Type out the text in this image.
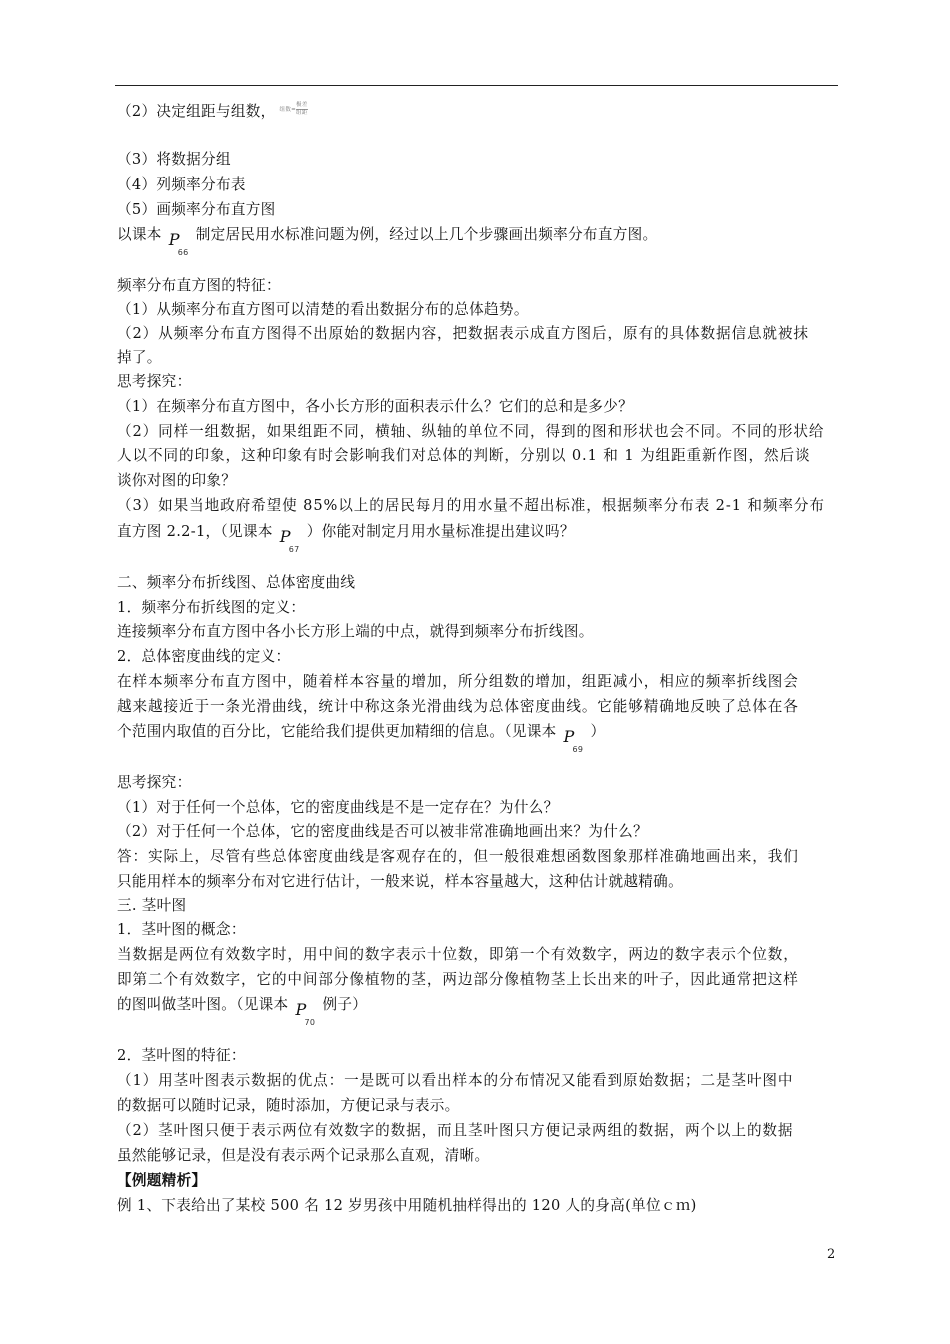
（2）决定组距与组数， 组数= $\frac{\text{极差}}{\text{组距}}$
（3）将数据分组
（4）列频率分布表
（5）画频率分布直方图
以课本 P
66
制定居民用水标准问题为例，经过以上几个步骤画出频率分布直方图。
频率分布直方图的特征：
（1）从频率分布直方图可以清楚的看出数据分布的总体趋势。
（2）从频率分布直方图得不出原始的数据内容，把数据表示成直方图后，原有的具体数据信息就被抹
掉了。
思考探究：
（1）在频率分布直方图中，各小长方形的面积表示什么？它们的总和是多少？
（2）同样一组数据，如果组距不同，横轴、纵轴的单位不同，得到的图和形状也会不同。不同的形状给
人以不同的印象，这种印象有时会影响我们对总体的判断，分别以 0.1 和 1 为组距重新作图，然后谈
谈你对图的印象？
（3）如果当地政府希望使 85%以上的居民每月的用水量不超出标准，根据频率分布表 2-1 和频率分布
直方图 2.2-1，（见课本 P
67
）你能对制定月用水量标准提出建议吗？
二、频率分布折线图、总体密度曲线
1．频率分布折线图的定义：
连接频率分布直方图中各小长方形上端的中点，就得到频率分布折线图。
2．总体密度曲线的定义：
在样本频率分布直方图中，随着样本容量的增加，所分组数的增加，组距减小，相应的频率折线图会
越来越接近于一条光滑曲线，统计中称这条光滑曲线为总体密度曲线。它能够精确地反映了总体在各
个范围内取值的百分比，它能给我们提供更加精细的信息。（见课本 P
69
）
思考探究：
（1）对于任何一个总体，它的密度曲线是不是一定存在？为什么？
（2）对于任何一个总体，它的密度曲线是否可以被非常准确地画出来？为什么？
答：实际上，尽管有些总体密度曲线是客观存在的，但一般很难想函数图象那样准确地画出来，我们
只能用样本的频率分布对它进行估计，一般来说，样本容量越大，这种估计就越精确。
三. 茎叶图
1．茎叶图的概念：
当数据是两位有效数字时，用中间的数字表示十位数，即第一个有效数字，两边的数字表示个位数，
即第二个有效数字，它的中间部分像植物的茎，两边部分像植物茎上长出来的叶子，因此通常把这样
的图叫做茎叶图。（见课本 P
70
例子）
2．茎叶图的特征：
（1）用茎叶图表示数据的优点：一是既可以看出样本的分布情况又能看到原始数据；二是茎叶图中
的数据可以随时记录，随时添加，方便记录与表示。
（2）茎叶图只便于表示两位有效数字的数据，而且茎叶图只方便记录两组的数据，两个以上的数据
虽然能够记录，但是没有表示两个记录那么直观，清晰。
【例题精析】
例 1、下表给出了某校 500 名 12 岁男孩中用随机抽样得出的 120 人的身高(单位ｃｍ)
2
